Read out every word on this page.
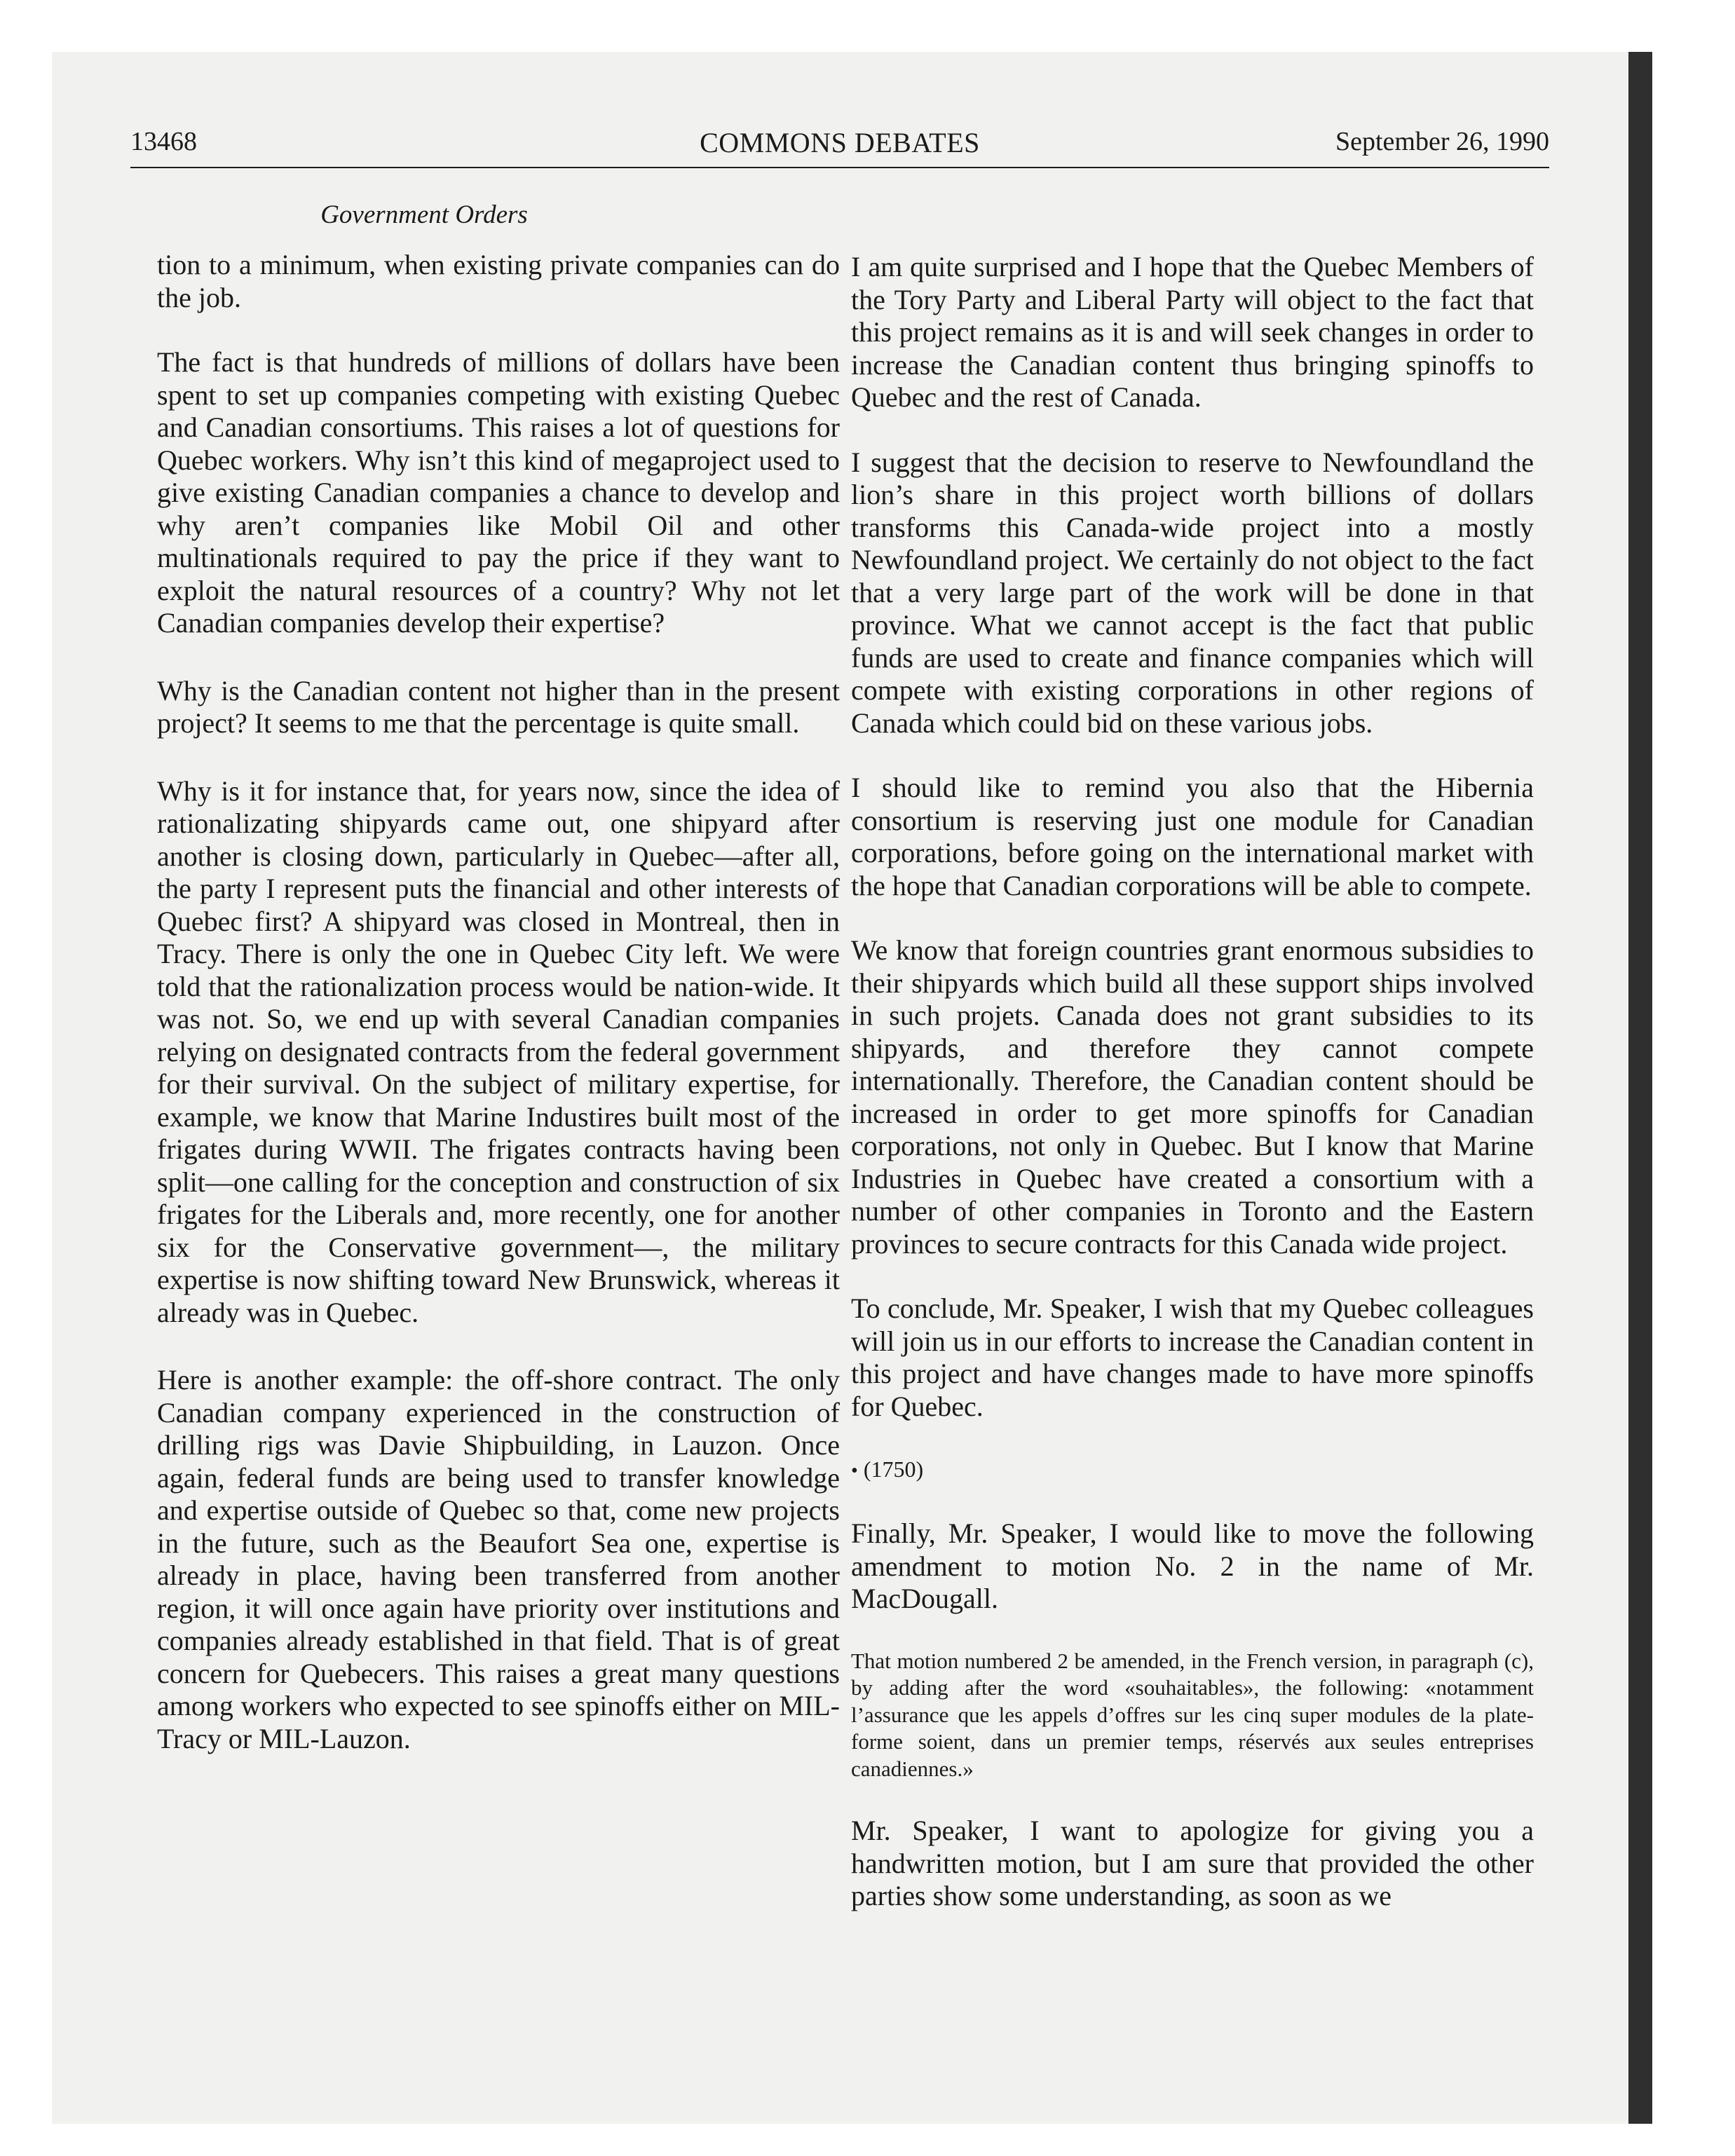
13468	COMMONS DEBATES	September 26, 1990
Government Orders

tion to a minimum, when existing private companies can do the job.

The fact is that hundreds of millions of dollars have been spent to set up companies competing with existing Quebec and Canadian consortiums. This raises a lot of questions for Quebec workers. Why isn’t this kind of megaproject used to give existing Canadian companies a chance to develop and why aren’t companies like Mobil Oil and other multinationals required to pay the price if they want to exploit the natural resources of a country? Why not let Canadian companies develop their expertise?

Why is the Canadian content not higher than in the present project? It seems to me that the percentage is quite small.

Why is it for instance that, for years now, since the idea of rationalizating shipyards came out, one shipyard after another is closing down, particularly in Quebec—after all, the party I represent puts the financial and other interests of Quebec first? A shipyard was closed in Montreal, then in Tracy. There is only the one in Quebec City left. We were told that the rationalization process would be nation-wide. It was not. So, we end up with several Canadian companies relying on designated contracts from the federal government for their survival. On the subject of military expertise, for example, we know that Marine Industires built most of the frigates during WWII. The frigates contracts having been split—one calling for the conception and construction of six frigates for the Liberals and, more recently, one for another six for the Conservative government—, the military expertise is now shifting toward New Brunswick, whereas it already was in Quebec.

Here is another example: the off-shore contract. The only Canadian company experienced in the construction of drilling rigs was Davie Shipbuilding, in Lauzon. Once again, federal funds are being used to transfer knowledge and expertise outside of Quebec so that, come new projects in the future, such as the Beaufort Sea one, expertise is already in place, having been transferred from another region, it will once again have priority over institutions and companies already established in that field. That is of great concern for Quebecers. This raises a great many questions among workers who expected to see spinoffs either on MIL-Tracy or MIL-Lauzon.

I am quite surprised and I hope that the Quebec Members of the Tory Party and Liberal Party will object to the fact that this project remains as it is and will seek changes in order to increase the Canadian content thus bringing spinoffs to Quebec and the rest of Canada.

I suggest that the decision to reserve to Newfoundland the lion’s share in this project worth billions of dollars transforms this Canada-wide project into a mostly Newfoundland project. We certainly do not object to the fact that a very large part of the work will be done in that province. What we cannot accept is the fact that public funds are used to create and finance companies which will compete with existing corporations in other regions of Canada which could bid on these various jobs.

I should like to remind you also that the Hibernia consortium is reserving just one module for Canadian corporations, before going on the international market with the hope that Canadian corporations will be able to compete.

We know that foreign countries grant enormous subsidies to their shipyards which build all these support ships involved in such projets. Canada does not grant subsidies to its shipyards, and therefore they cannot compete internationally. Therefore, the Canadian content should be increased in order to get more spinoffs for Canadian corporations, not only in Quebec. But I know that Marine Industries in Quebec have created a consortium with a number of other companies in Toronto and the Eastern provinces to secure contracts for this Canada wide project.

To conclude, Mr. Speaker, I wish that my Quebec colleagues will join us in our efforts to increase the Canadian content in this project and have changes made to have more spinoffs for Quebec.

• (1750)

Finally, Mr. Speaker, I would like to move the following amendment to motion No. 2 in the name of Mr. MacDougall.

That motion numbered 2 be amended, in the French version, in paragraph (c), by adding after the word «souhaitables», the following: «notamment l’assurance que les appels d’offres sur les cinq super modules de la plate-forme soient, dans un premier temps, réservés aux seules entreprises canadiennes.»

Mr. Speaker, I want to apologize for giving you a handwritten motion, but I am sure that provided the other parties show some understanding, as soon as we
